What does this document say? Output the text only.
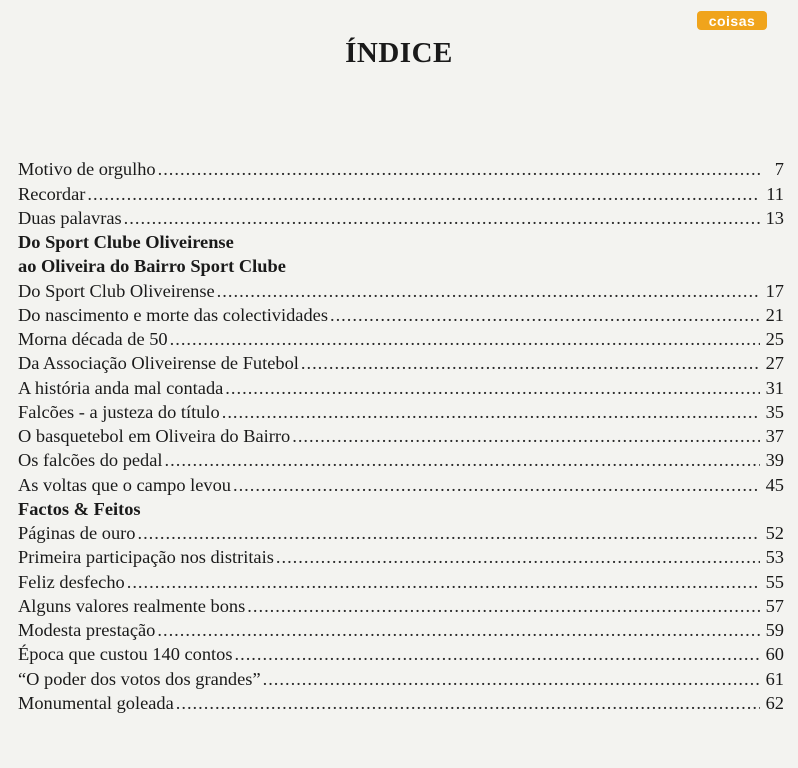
coisas
ÍNDICE
Motivo de orgulho .....	7
Recordar .....	11
Duas palavras .....	13
Do Sport Clube Oliveirense
ao Oliveira do Bairro Sport Clube
Do Sport Club Oliveirense .....	17
Do nascimento e morte das colectividades .....	21
Morna década de 50 .....	25
Da Associação Oliveirense de Futebol .....	27
A história anda mal contada .....	31
Falcões - a justeza do título .....	35
O basquetebol em Oliveira do Bairro .....	37
Os falcões do pedal .....	39
As voltas que o campo levou .....	45
Factos & Feitos
Páginas de ouro .....	52
Primeira participação nos distritais .....	53
Feliz desfecho .....	55
Alguns valores realmente bons .....	57
Modesta prestação .....	59
Época que custou 140 contos .....	60
“O poder dos votos dos grandes” .....	61
Monumental goleada .....	62
